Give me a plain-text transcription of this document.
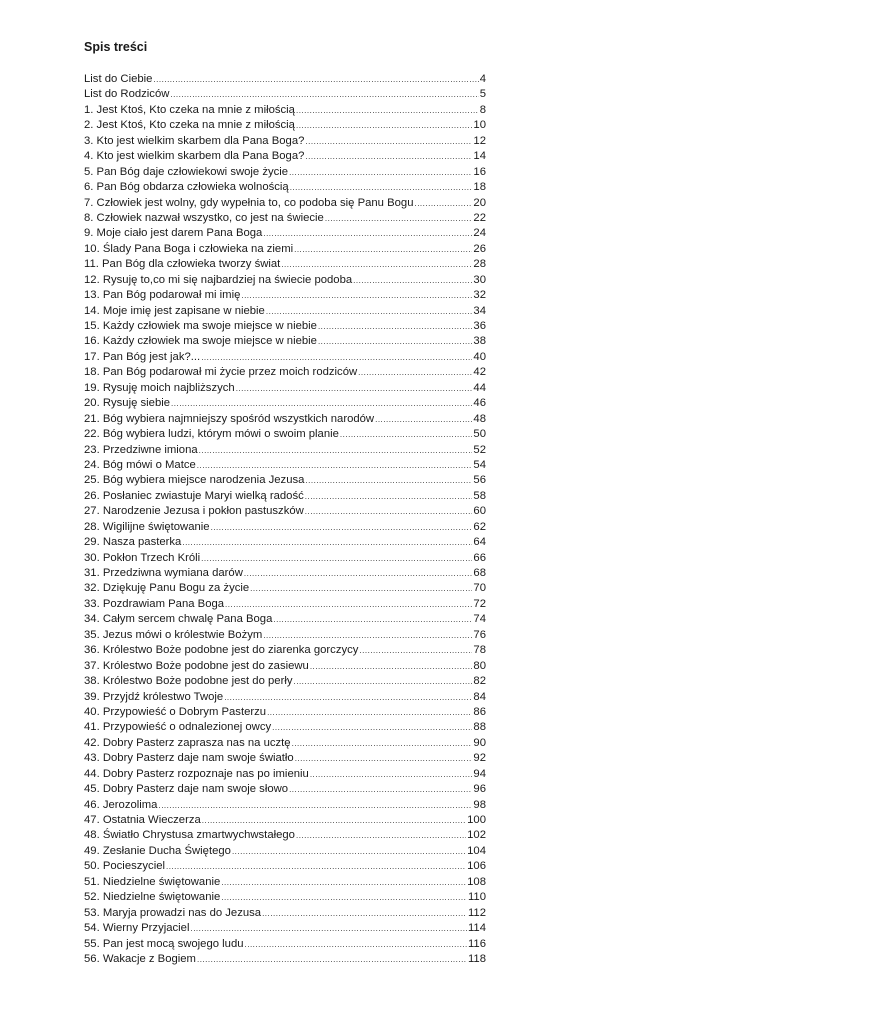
Spis treści
List do Ciebie .....	4
List do Rodziców .....	5
1. Jest Ktoś, Kto czeka na mnie z miłością .....	8
2. Jest Ktoś, Kto czeka na mnie z miłością .....	10
3. Kto jest wielkim skarbem dla Pana Boga? .....	12
4. Kto jest wielkim skarbem dla Pana Boga? .....	14
5. Pan Bóg daje człowiekowi swoje życie .....	16
6. Pan Bóg obdarza człowieka wolnością .....	18
7. Człowiek jest wolny, gdy wypełnia to, co podoba się Panu Bogu .....	20
8. Człowiek nazwał wszystko, co jest na świecie .....	22
9. Moje ciało jest darem Pana Boga .....	24
10. Ślady Pana Boga i człowieka na ziemi .....	26
11. Pan Bóg dla człowieka tworzy świat .....	28
12. Rysuję to,co mi się najbardziej na świecie podoba .....	30
13. Pan Bóg podarował mi imię .....	32
14. Moje imię jest zapisane w niebie .....	34
15. Każdy człowiek ma swoje miejsce w niebie .....	36
16. Każdy człowiek ma swoje miejsce w niebie .....	38
17. Pan Bóg jest jak?... .....	40
18. Pan Bóg podarował mi życie przez moich rodziców .....	42
19. Rysuję moich najbliższych .....	44
20. Rysuję siebie .....	46
21. Bóg wybiera najmniejszy spośród wszystkich narodów .....	48
22. Bóg wybiera ludzi, którym mówi o swoim planie .....	50
23. Przedziwne imiona .....	52
24. Bóg mówi o Matce .....	54
25. Bóg wybiera miejsce narodzenia Jezusa .....	56
26. Posłaniec zwiastuje Maryi wielką radość .....	58
27. Narodzenie Jezusa i pokłon pastuszków .....	60
28. Wigilijne świętowanie .....	62
29. Nasza pasterka .....	64
30. Pokłon Trzech Króli .....	66
31. Przedziwna wymiana darów .....	68
32. Dziękuję Panu Bogu za życie .....	70
33. Pozdrawiam Pana Boga .....	72
34. Całym sercem chwalę Pana Boga .....	74
35. Jezus mówi o królestwie Bożym .....	76
36. Królestwo Boże podobne jest do ziarenka gorczycy .....	78
37. Królestwo Boże podobne jest do zasiewu .....	80
38. Królestwo Boże podobne jest do perły .....	82
39. Przyjdź królestwo Twoje .....	84
40. Przypowieść o Dobrym Pasterzu .....	86
41. Przypowieść o odnalezionej owcy .....	88
42. Dobry Pasterz zaprasza nas na ucztę .....	90
43. Dobry Pasterz daje nam swoje światło .....	92
44. Dobry Pasterz rozpoznaje nas po imieniu .....	94
45. Dobry Pasterz daje nam swoje słowo .....	96
46. Jerozolima .....	98
47. Ostatnia Wieczerza .....	100
48. Światło Chrystusa zmartwychwstałego .....	102
49. Zesłanie Ducha Świętego .....	104
50. Pocieszyciel .....	106
51. Niedzielne świętowanie .....	108
52. Niedzielne świętowanie .....	110
53. Maryja prowadzi nas do Jezusa .....	112
54. Wierny Przyjaciel .....	114
55. Pan jest mocą swojego ludu .....	116
56. Wakacje z Bogiem .....	118
